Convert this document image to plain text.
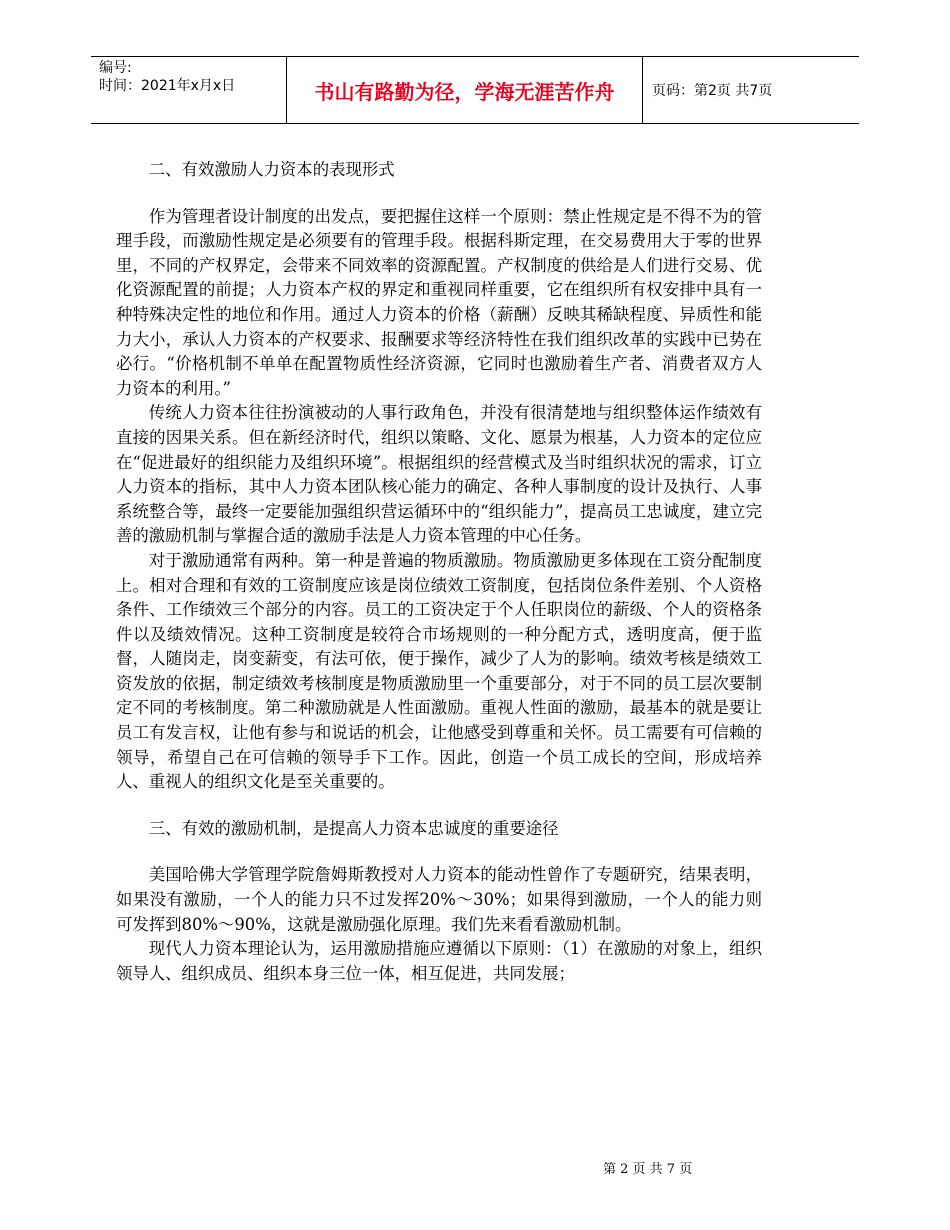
编号:
时间：2021年x月x日	书山有路勤为径，学海无涯苦作舟	页码：第2页 共7页

二、有效激励人力资本的表现形式

作为管理者设计制度的出发点，要把握住这样一个原则：禁止性规定是不得不为的管理手段，而激励性规定是必须要有的管理手段。根据科斯定理，在交易费用大于零的世界里，不同的产权界定，会带来不同效率的资源配置。产权制度的供给是人们进行交易、优化资源配置的前提；人力资本产权的界定和重视同样重要，它在组织所有权安排中具有一种特殊决定性的地位和作用。通过人力资本的价格（薪酬）反映其稀缺程度、异质性和能力大小，承认人力资本的产权要求、报酬要求等经济特性在我们组织改革的实践中已势在必行。“价格机制不单单在配置物质性经济资源，它同时也激励着生产者、消费者双方人力资本的利用。”

传统人力资本往往扮演被动的人事行政角色，并没有很清楚地与组织整体运作绩效有直接的因果关系。但在新经济时代，组织以策略、文化、愿景为根基，人力资本的定位应在“促进最好的组织能力及组织环境”。根据组织的经营模式及当时组织状况的需求，订立人力资本的指标，其中人力资本团队核心能力的确定、各种人事制度的设计及执行、人事系统整合等，最终一定要能加强组织营运循环中的“组织能力”，提高员工忠诚度，建立完善的激励机制与掌握合适的激励手法是人力资本管理的中心任务。

对于激励通常有两种。第一种是普遍的物质激励。物质激励更多体现在工资分配制度上。相对合理和有效的工资制度应该是岗位绩效工资制度，包括岗位条件差别、个人资格条件、工作绩效三个部分的内容。员工的工资决定于个人任职岗位的薪级、个人的资格条件以及绩效情况。这种工资制度是较符合市场规则的一种分配方式，透明度高，便于监督，人随岗走，岗变薪变，有法可依，便于操作，减少了人为的影响。绩效考核是绩效工资发放的依据，制定绩效考核制度是物质激励里一个重要部分，对于不同的员工层次要制定不同的考核制度。第二种激励就是人性面激励。重视人性面的激励，最基本的就是要让员工有发言权，让他有参与和说话的机会，让他感受到尊重和关怀。员工需要有可信赖的领导，希望自己在可信赖的领导手下工作。因此，创造一个员工成长的空间，形成培养人、重视人的组织文化是至关重要的。

三、有效的激励机制，是提高人力资本忠诚度的重要途径

美国哈佛大学管理学院詹姆斯教授对人力资本的能动性曾作了专题研究，结果表明，如果没有激励，一个人的能力只不过发挥20%～30%；如果得到激励，一个人的能力则可发挥到80%～90%，这就是激励强化原理。我们先来看看激励机制。

现代人力资本理论认为，运用激励措施应遵循以下原则：（1）在激励的对象上，组织领导人、组织成员、组织本身三位一体，相互促进，共同发展；

第 2 页 共 7 页
